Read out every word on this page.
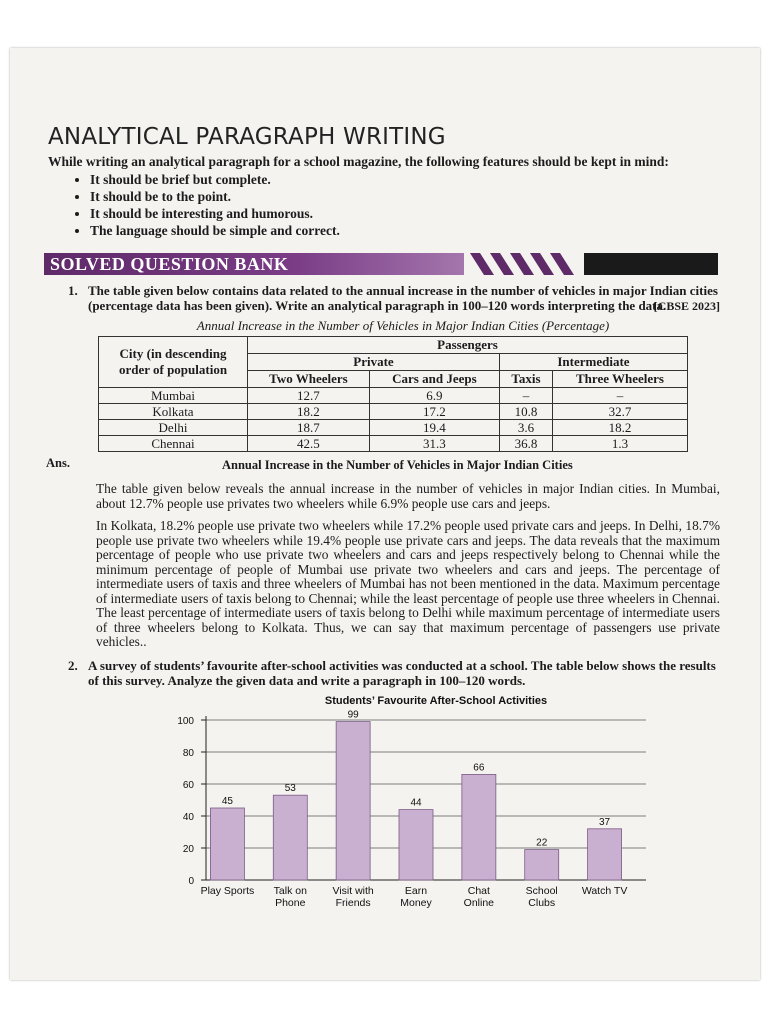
ANALYTICAL PARAGRAPH WRITING
While writing an analytical paragraph for a school magazine, the following features should be kept in mind:
• It should be brief but complete.
• It should be to the point.
• It should be interesting and humorous.
• The language should be simple and correct.
SOLVED QUESTION BANK
1. The table given below contains data related to the annual increase in the number of vehicles in major Indian cities (percentage data has been given). Write an analytical paragraph in 100–120 words interpreting the data.
[CBSE 2023]
Annual Increase in the Number of Vehicles in Major Indian Cities (Percentage)
City (in descending order of population	Passengers			
	Private		Intermediate	
	Two Wheelers	Cars and Jeeps	Taxis	Three Wheelers
Mumbai	12.7	6.9	–	–
Kolkata	18.2	17.2	10.8	32.7
Delhi	18.7	19.4	3.6	18.2
Chennai	42.5	31.3	36.8	1.3
Ans.	Annual Increase in the Number of Vehicles in Major Indian Cities

The table given below reveals the annual increase in the number of vehicles in major Indian cities. In Mumbai, about 12.7% people use privates two wheelers while 6.9% people use cars and jeeps.

In Kolkata, 18.2% people use private two wheelers while 17.2% people used private cars and jeeps. In Delhi, 18.7% people use private two wheelers while 19.4% people use private cars and jeeps. The data reveals that the maximum percentage of people who use private two wheelers and cars and jeeps respectively belong to Chennai while the minimum percentage of people of Mumbai use private two wheelers and cars and jeeps. The percentage of intermediate users of taxis and three wheelers of Mumbai has not been mentioned in the data. Maximum percentage of intermediate users of taxis belong to Chennai; while the least percentage of people use three wheelers in Chennai. The least percentage of intermediate users of taxis belong to Delhi while maximum percentage of intermediate users of three wheelers belong to Kolkata. Thus, we can say that maximum percentage of passengers use private vehicles..

2. A survey of students’ favourite after-school activities was conducted at a school. The table below shows the results of this survey. Analyze the given data and write a paragraph in 100–120 words.
Students’ Favourite After-School Activities
0
20
40
60
80
100
45
Play Sports
53
Talk on Phone
99
Visit with Friends
44
Earn Money
66
Chat Online
22
School Clubs
37
Watch TV
